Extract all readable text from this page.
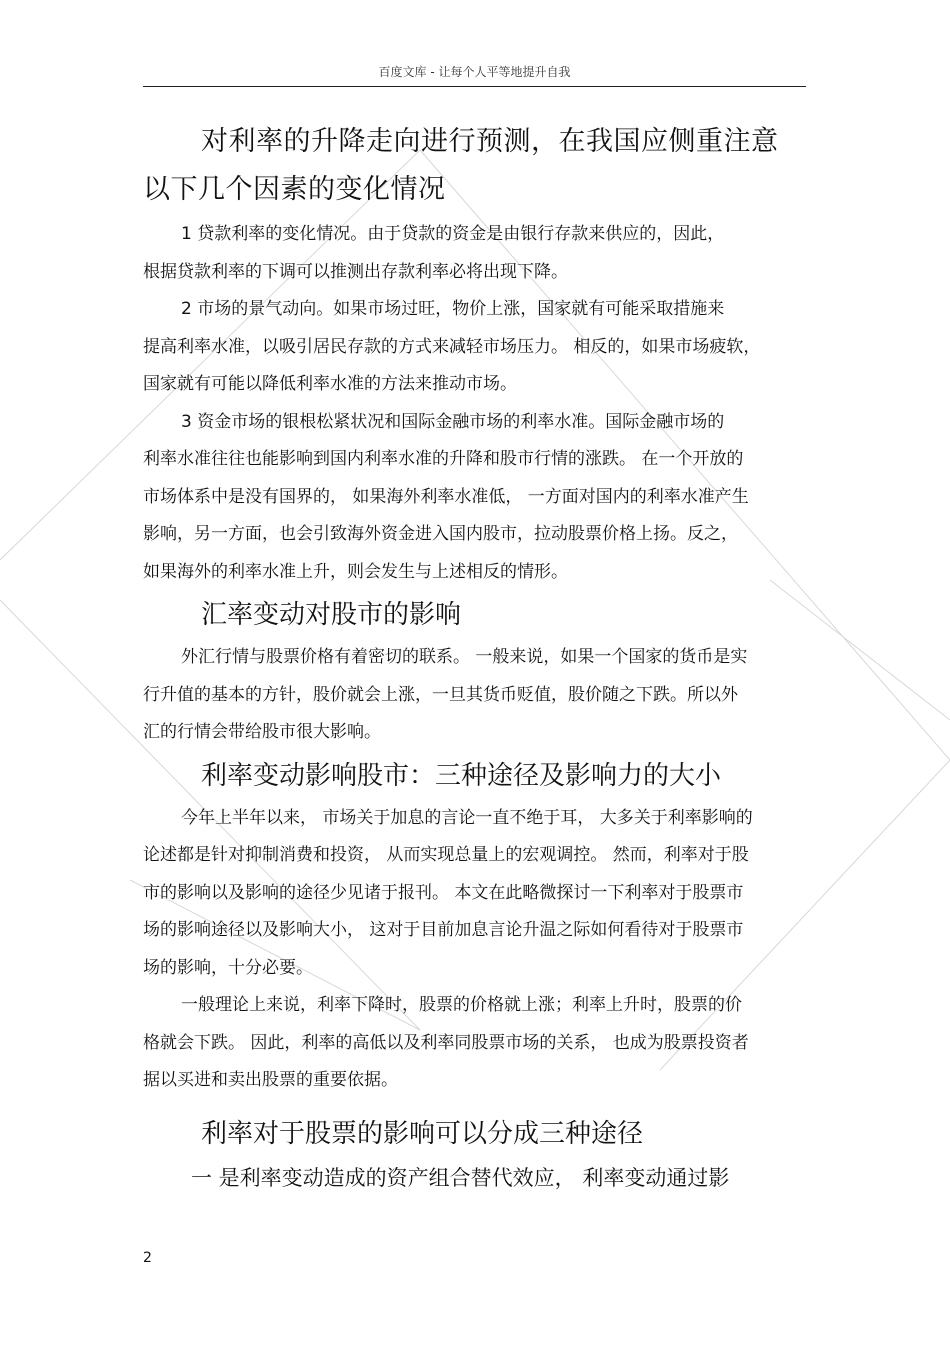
百度文库 - 让每个人平等地提升自我
对利率的升降走向进行预测，在我国应侧重注意
以下几个因素的变化情况
1 贷款利率的变化情况。由于贷款的资金是由银行存款来供应的，因此，
根据贷款利率的下调可以推测出存款利率必将出现下降。
2 市场的景气动向。如果市场过旺，物价上涨，国家就有可能采取措施来
提高利率水准，以吸引居民存款的方式来减轻市场压力。 相反的，如果市场疲软，
国家就有可能以降低利率水准的方法来推动市场。
3 资金市场的银根松紧状况和国际金融市场的利率水准。国际金融市场的
利率水准往往也能影响到国内利率水准的升降和股市行情的涨跌。 在一个开放的
市场体系中是没有国界的， 如果海外利率水准低， 一方面对国内的利率水准产生
影响，另一方面，也会引致海外资金进入国内股市，拉动股票价格上扬。反之，
如果海外的利率水准上升，则会发生与上述相反的情形。
汇率变动对股市的影响
外汇行情与股票价格有着密切的联系。 一般来说，如果一个国家的货币是实
行升值的基本的方针，股价就会上涨，一旦其货币贬值，股价随之下跌。所以外
汇的行情会带给股市很大影响。
利率变动影响股市：三种途径及影响力的大小
今年上半年以来， 市场关于加息的言论一直不绝于耳， 大多关于利率影响的
论述都是针对抑制消费和投资， 从而实现总量上的宏观调控。 然而，利率对于股
市的影响以及影响的途径少见诸于报刊。 本文在此略微探讨一下利率对于股票市
场的影响途径以及影响大小， 这对于目前加息言论升温之际如何看待对于股票市
场的影响，十分必要。
一般理论上来说，利率下降时，股票的价格就上涨；利率上升时，股票的价
格就会下跌。 因此，利率的高低以及利率同股票市场的关系， 也成为股票投资者
据以买进和卖出股票的重要依据。
利率对于股票的影响可以分成三种途径
一 是利率变动造成的资产组合替代效应， 利率变动通过影
2
